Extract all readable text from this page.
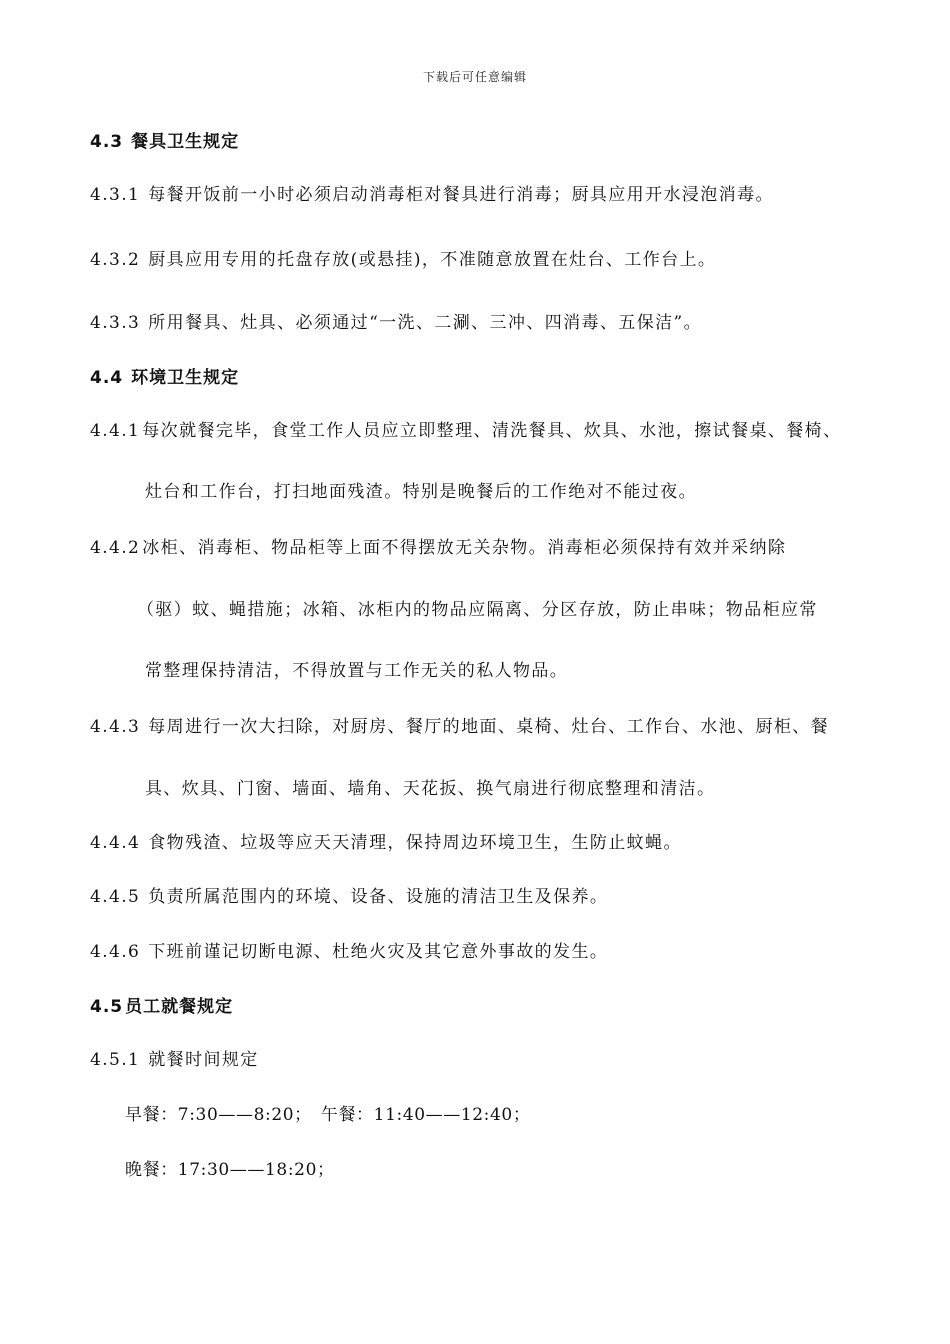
下载后可任意编辑
4.3 餐具卫生规定
4.3.1 每餐开饭前一小时必须启动消毒柜对餐具进行消毒；厨具应用开水浸泡消毒。
4.3.2 厨具应用专用的托盘存放(或悬挂)，不准随意放置在灶台、工作台上。
4.3.3 所用餐具、灶具、必须通过“一洗、二涮、三冲、四消毒、五保洁”。
4.4 环境卫生规定
4.4.1 每次就餐完毕，食堂工作人员应立即整理、清洗餐具、炊具、水池，擦试餐桌、餐椅、
灶台和工作台，打扫地面残渣。特别是晚餐后的工作绝对不能过夜。
4.4.2 冰柜、消毒柜、物品柜等上面不得摆放无关杂物。消毒柜必须保持有效并采纳除
（驱）蚊、蝇措施；冰箱、冰柜内的物品应隔离、分区存放，防止串味；物品柜应常
常整理保持清洁，不得放置与工作无关的私人物品。
4.4.3 每周进行一次大扫除，对厨房、餐厅的地面、桌椅、灶台、工作台、水池、厨柜、餐
具、炊具、门窗、墙面、墙角、天花扳、换气扇进行彻底整理和清洁。
4.4.4 食物残渣、垃圾等应天天清理，保持周边环境卫生，生防止蚊蝇。
4.4.5 负责所属范围内的环境、设备、设施的清洁卫生及保养。
4.4.6 下班前谨记切断电源、杜绝火灾及其它意外事故的发生。
4.5 员工就餐规定
4.5.1 就餐时间规定
早餐：7:30——8:20；　午餐：11:40——12:40；
晚餐：17:30——18:20；
